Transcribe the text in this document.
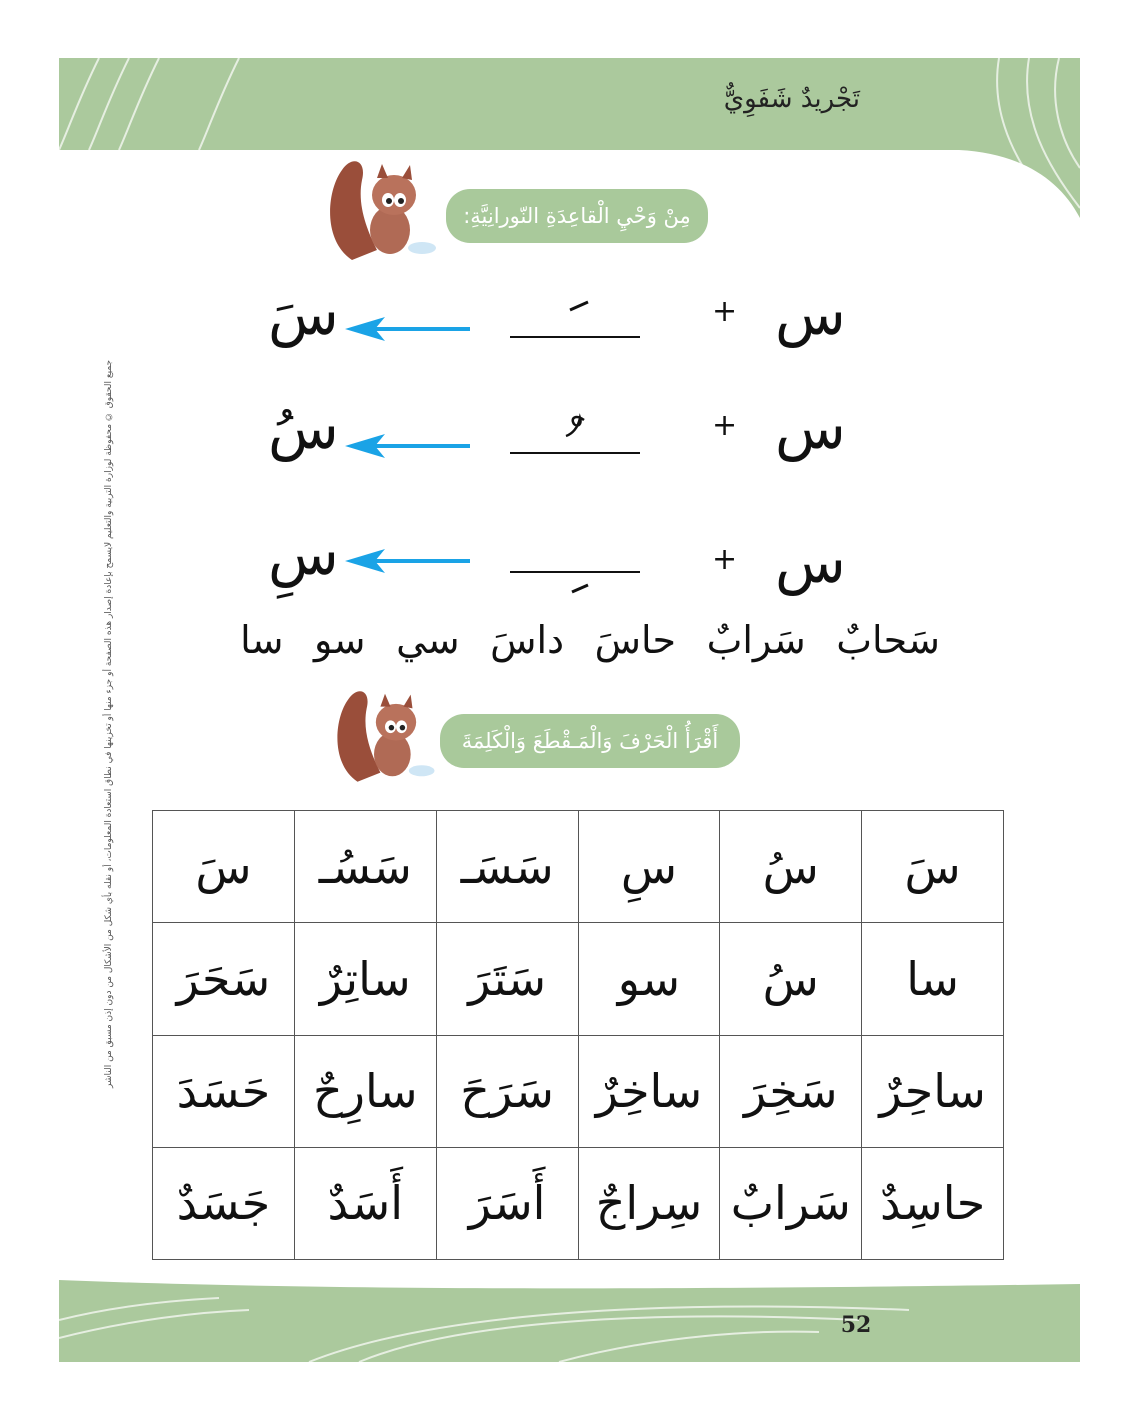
تَجْريدٌ شَفَوِيٌّ
مِنْ وَحْيِ الْقاعِدَةِ النّورانِيَّةِ:
س
+
سَ
س
+
سُ
س
+
سِ
سا سو سي داسَ حاسَ سَرابٌ سَحابٌ
أَقْرَأُ الْحَرْفَ وَالْمَـقْطَعَ وَالْكَلِمَةَ
سَ	سُ	سِ	سَسَـ	سَسُـ	سَ
سا	سُ	سو	سَتَرَ	ساتِرٌ	سَحَرَ
ساحِرٌ	سَخِرَ	ساخِرٌ	سَرَحَ	سارِحٌ	حَسَدَ
حاسِدٌ	سَرابٌ	سِراجٌ	أَسَرَ	أَسَدٌ	جَسَدٌ
جميع الحقوق © محفوظة لوزارة التربية والتعليم لايسمح بإعادة إصدار هذه الصفحة أو جزء منها أو تخزينها في نطاق استعادة المعلومات، أو نقله بأي شكل من الأشكال من دون إذن مسبق من الناشر
52
